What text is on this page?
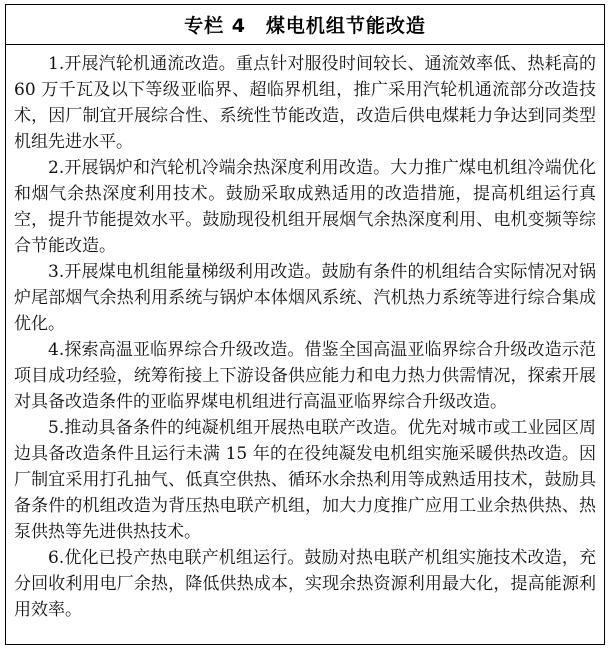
专栏 4　煤电机组节能改造

1.开展汽轮机通流改造。重点针对服役时间较长、通流效率低、热耗高的 60 万千瓦及以下等级亚临界、超临界机组，推广采用汽轮机通流部分改造技术，因厂制宜开展综合性、系统性节能改造，改造后供电煤耗力争达到同类型机组先进水平。

2.开展锅炉和汽轮机冷端余热深度利用改造。大力推广煤电机组冷端优化和烟气余热深度利用技术。鼓励采取成熟适用的改造措施，提高机组运行真空，提升节能提效水平。鼓励现役机组开展烟气余热深度利用、电机变频等综合节能改造。

3.开展煤电机组能量梯级利用改造。鼓励有条件的机组结合实际情况对锅炉尾部烟气余热利用系统与锅炉本体烟风系统、汽机热力系统等进行综合集成优化。

4.探索高温亚临界综合升级改造。借鉴全国高温亚临界综合升级改造示范项目成功经验，统筹衔接上下游设备供应能力和电力热力供需情况，探索开展对具备改造条件的亚临界煤电机组进行高温亚临界综合升级改造。

5.推动具备条件的纯凝机组开展热电联产改造。优先对城市或工业园区周边具备改造条件且运行未满 15 年的在役纯凝发电机组实施采暖供热改造。因厂制宜采用打孔抽气、低真空供热、循环水余热利用等成熟适用技术，鼓励具备条件的机组改造为背压热电联产机组，加大力度推广应用工业余热供热、热泵供热等先进供热技术。

6.优化已投产热电联产机组运行。鼓励对热电联产机组实施技术改造，充分回收利用电厂余热，降低供热成本，实现余热资源利用最大化，提高能源利用效率。
